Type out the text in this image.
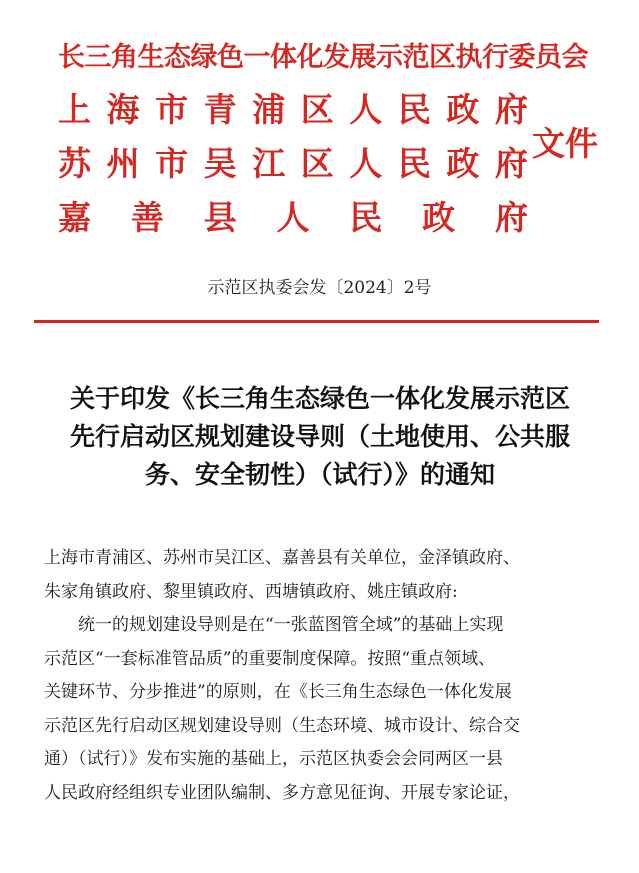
长三角生态绿色一体化发展示范区执行委员会
上 海 市 青 浦 区 人 民 政 府
苏 州 市 吴 江 区 人 民 政 府
嘉 善 县 人 民 政 府
文件
示范区执委会发〔2024〕2号
关于印发《长三角生态绿色一体化发展示范区
先行启动区规划建设导则（土地使用、公共服
务、安全韧性）（试行）》的通知
上海市青浦区、苏州市吴江区、嘉善县有关单位，金泽镇政府、
朱家角镇政府、黎里镇政府、西塘镇政府、姚庄镇政府:
统一的规划建设导则是在“一张蓝图管全域”的基础上实现
示范区“一套标准管品质”的重要制度保障。按照“重点领域、
关键环节、分步推进”的原则，在《长三角生态绿色一体化发展
示范区先行启动区规划建设导则（生态环境、城市设计、综合交
通）（试行）》发布实施的基础上，示范区执委会会同两区一县
人民政府经组织专业团队编制、多方意见征询、开展专家论证，
